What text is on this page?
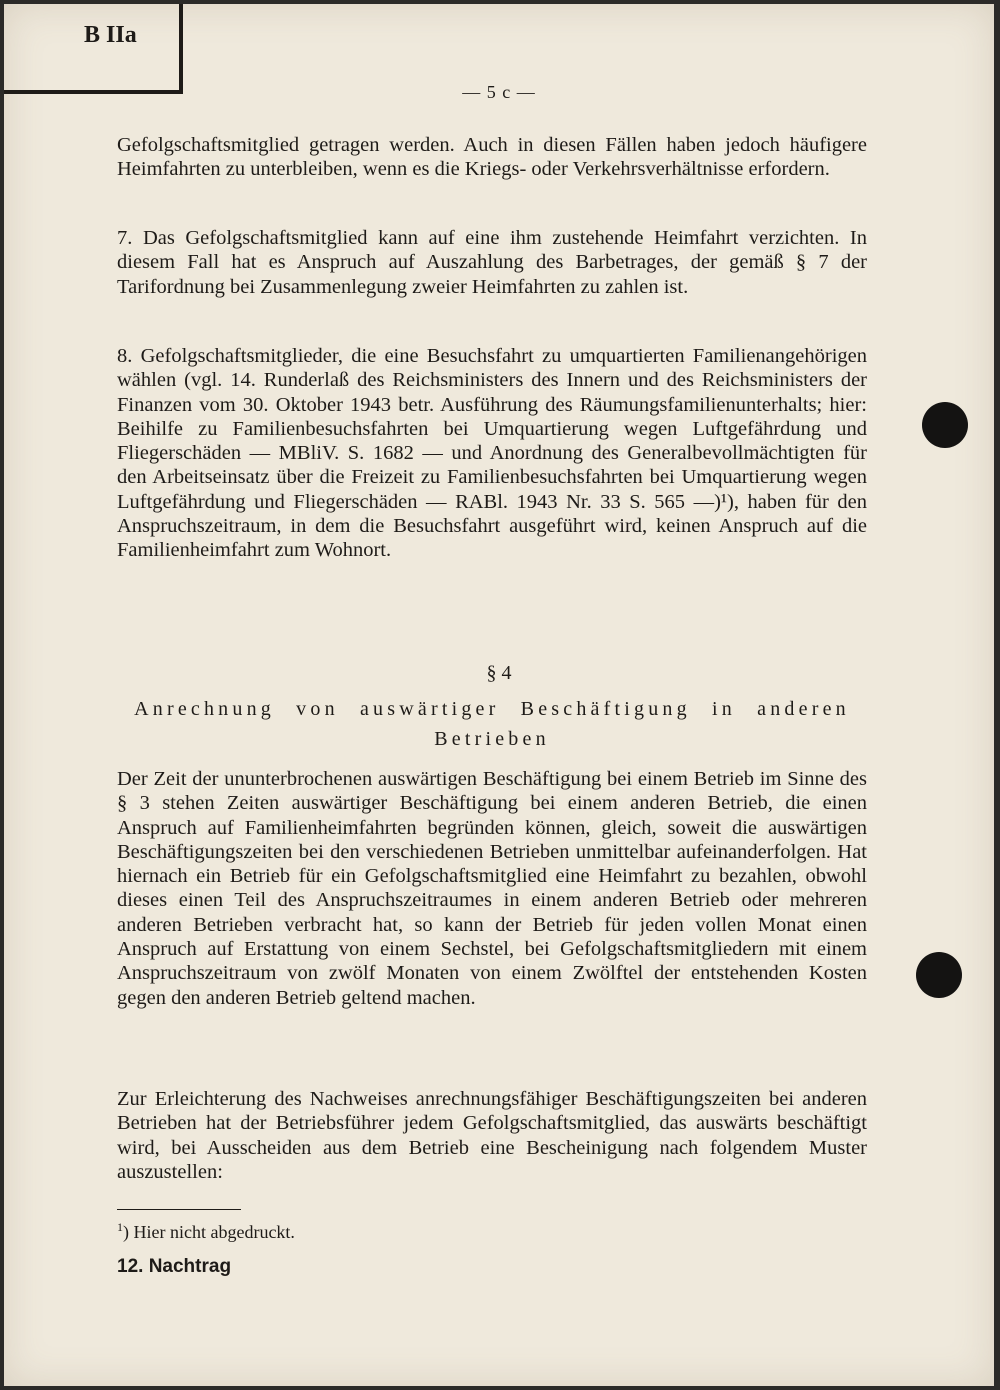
B IIa
— 5 c —

Gefolgschaftsmitglied getragen werden. Auch in diesen Fällen haben jedoch häufigere Heimfahrten zu unterbleiben, wenn es die Kriegs- oder Verkehrsverhältnisse erfordern.

7. Das Gefolgschaftsmitglied kann auf eine ihm zustehende Heimfahrt verzichten. In diesem Fall hat es Anspruch auf Auszahlung des Barbetrages, der gemäß § 7 der Tarifordnung bei Zusammenlegung zweier Heimfahrten zu zahlen ist.

8. Gefolgschaftsmitglieder, die eine Besuchsfahrt zu umquartierten Familienangehörigen wählen (vgl. 14. Runderlaß des Reichsministers des Innern und des Reichsministers der Finanzen vom 30. Oktober 1943 betr. Ausführung des Räumungsfamilienunterhalts; hier: Beihilfe zu Familienbesuchsfahrten bei Umquartierung wegen Luftgefährdung und Fliegerschäden — MBliV. S. 1682 — und Anordnung des Generalbevollmächtigten für den Arbeitseinsatz über die Freizeit zu Familienbesuchsfahrten bei Umquartierung wegen Luftgefährdung und Fliegerschäden — RABl. 1943 Nr. 33 S. 565 —)¹), haben für den Anspruchszeitraum, in dem die Besuchsfahrt ausgeführt wird, keinen Anspruch auf die Familienheimfahrt zum Wohnort.

§ 4
Anrechnung von auswärtiger Beschäftigung in anderen Betrieben

Der Zeit der ununterbrochenen auswärtigen Beschäftigung bei einem Betrieb im Sinne des § 3 stehen Zeiten auswärtiger Beschäftigung bei einem anderen Betrieb, die einen Anspruch auf Familienheimfahrten begründen können, gleich, soweit die auswärtigen Beschäftigungszeiten bei den verschiedenen Betrieben unmittelbar aufeinanderfolgen. Hat hiernach ein Betrieb für ein Gefolgschaftsmitglied eine Heimfahrt zu bezahlen, obwohl dieses einen Teil des Anspruchszeitraumes in einem anderen Betrieb oder mehreren anderen Betrieben verbracht hat, so kann der Betrieb für jeden vollen Monat einen Anspruch auf Erstattung von einem Sechstel, bei Gefolgschaftsmitgliedern mit einem Anspruchszeitraum von zwölf Monaten von einem Zwölftel der entstehenden Kosten gegen den anderen Betrieb geltend machen.

Zur Erleichterung des Nachweises anrechnungsfähiger Beschäftigungszeiten bei anderen Betrieben hat der Betriebsführer jedem Gefolgschaftsmitglied, das auswärts beschäftigt wird, bei Ausscheiden aus dem Betrieb eine Bescheinigung nach folgendem Muster auszustellen:

$^1$) Hier nicht abgedruckt.
12. Nachtrag
